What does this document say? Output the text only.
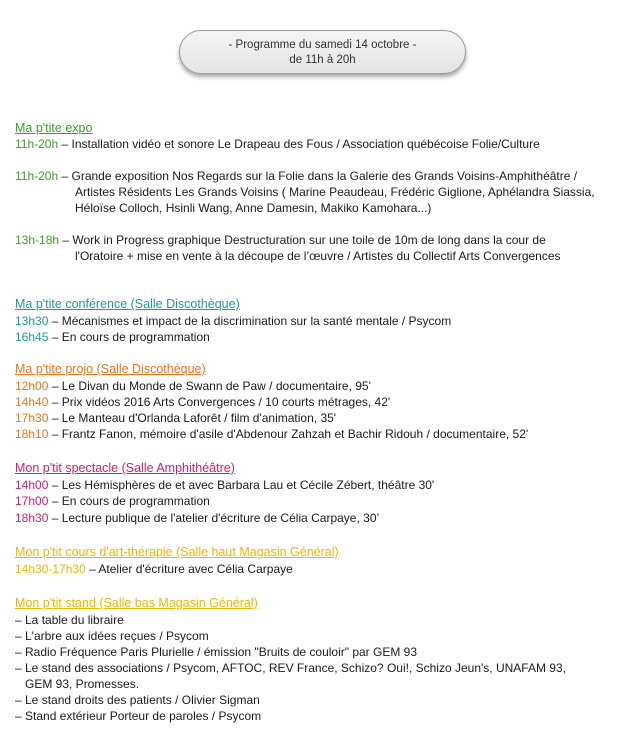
- Programme du samedi 14 octobre -
de 11h à 20h
Ma p'tite expo
11h-20h – Installation vidéo et sonore Le Drapeau des Fous / Association québécoise Folie/Culture
11h-20h – Grande exposition Nos Regards sur la Folie dans la Galerie des Grands Voisins-Amphithéâtre /
Artistes Résidents Les Grands Voisins ( Marine Peaudeau, Frédéric Giglione, Aphélandra Siassia,
Héloïse Colloch, Hsinli Wang, Anne Damesin, Makiko Kamohara...)
13h-18h – Work in Progress graphique Destructuration sur une toile de 10m de long dans la cour de
l'Oratoire + mise en vente à la découpe de l’œuvre / Artistes du Collectif Arts Convergences
Ma p'tite conférence (Salle Discothèque)
13h30 – Mécanismes et impact de la discrimination sur la santé mentale / Psycom
16h45 – En cours de programmation
Ma p'tite projo (Salle Discothèque)
12h00 – Le Divan du Monde de Swann de Paw / documentaire, 95'
14h40 – Prix vidéos 2016 Arts Convergences / 10 courts métrages, 42'
17h30 – Le Manteau d'Orlanda Laforêt / film d'animation, 35'
18h10 – Frantz Fanon, mémoire d'asile d'Abdenour Zahzah et Bachir Ridouh / documentaire, 52'
Mon p'tit spectacle (Salle Amphithéâtre)
14h00 – Les Hémisphères de et avec Barbara Lau et Cécile Zébert, théâtre 30'
17h00 – En cours de programmation
18h30 – Lecture publique de l'atelier d'écriture de Célia Carpaye, 30’
Mon p'tit cours d'art-thérapie (Salle haut Magasin Général)
14h30-17h30 – Atelier d'écriture avec Célia Carpaye
Mon p'tit stand (Salle bas Magasin Général)
– La table du libraire
– L'arbre aux idées reçues / Psycom
– Radio Fréquence Paris Plurielle / émission "Bruits de couloir" par GEM 93
– Le stand des associations / Psycom, AFTOC, REV France, Schizo? Oui!, Schizo Jeun's, UNAFAM 93,
GEM 93, Promesses.
– Le stand droits des patients / Olivier Sigman
– Stand extérieur Porteur de paroles / Psycom
